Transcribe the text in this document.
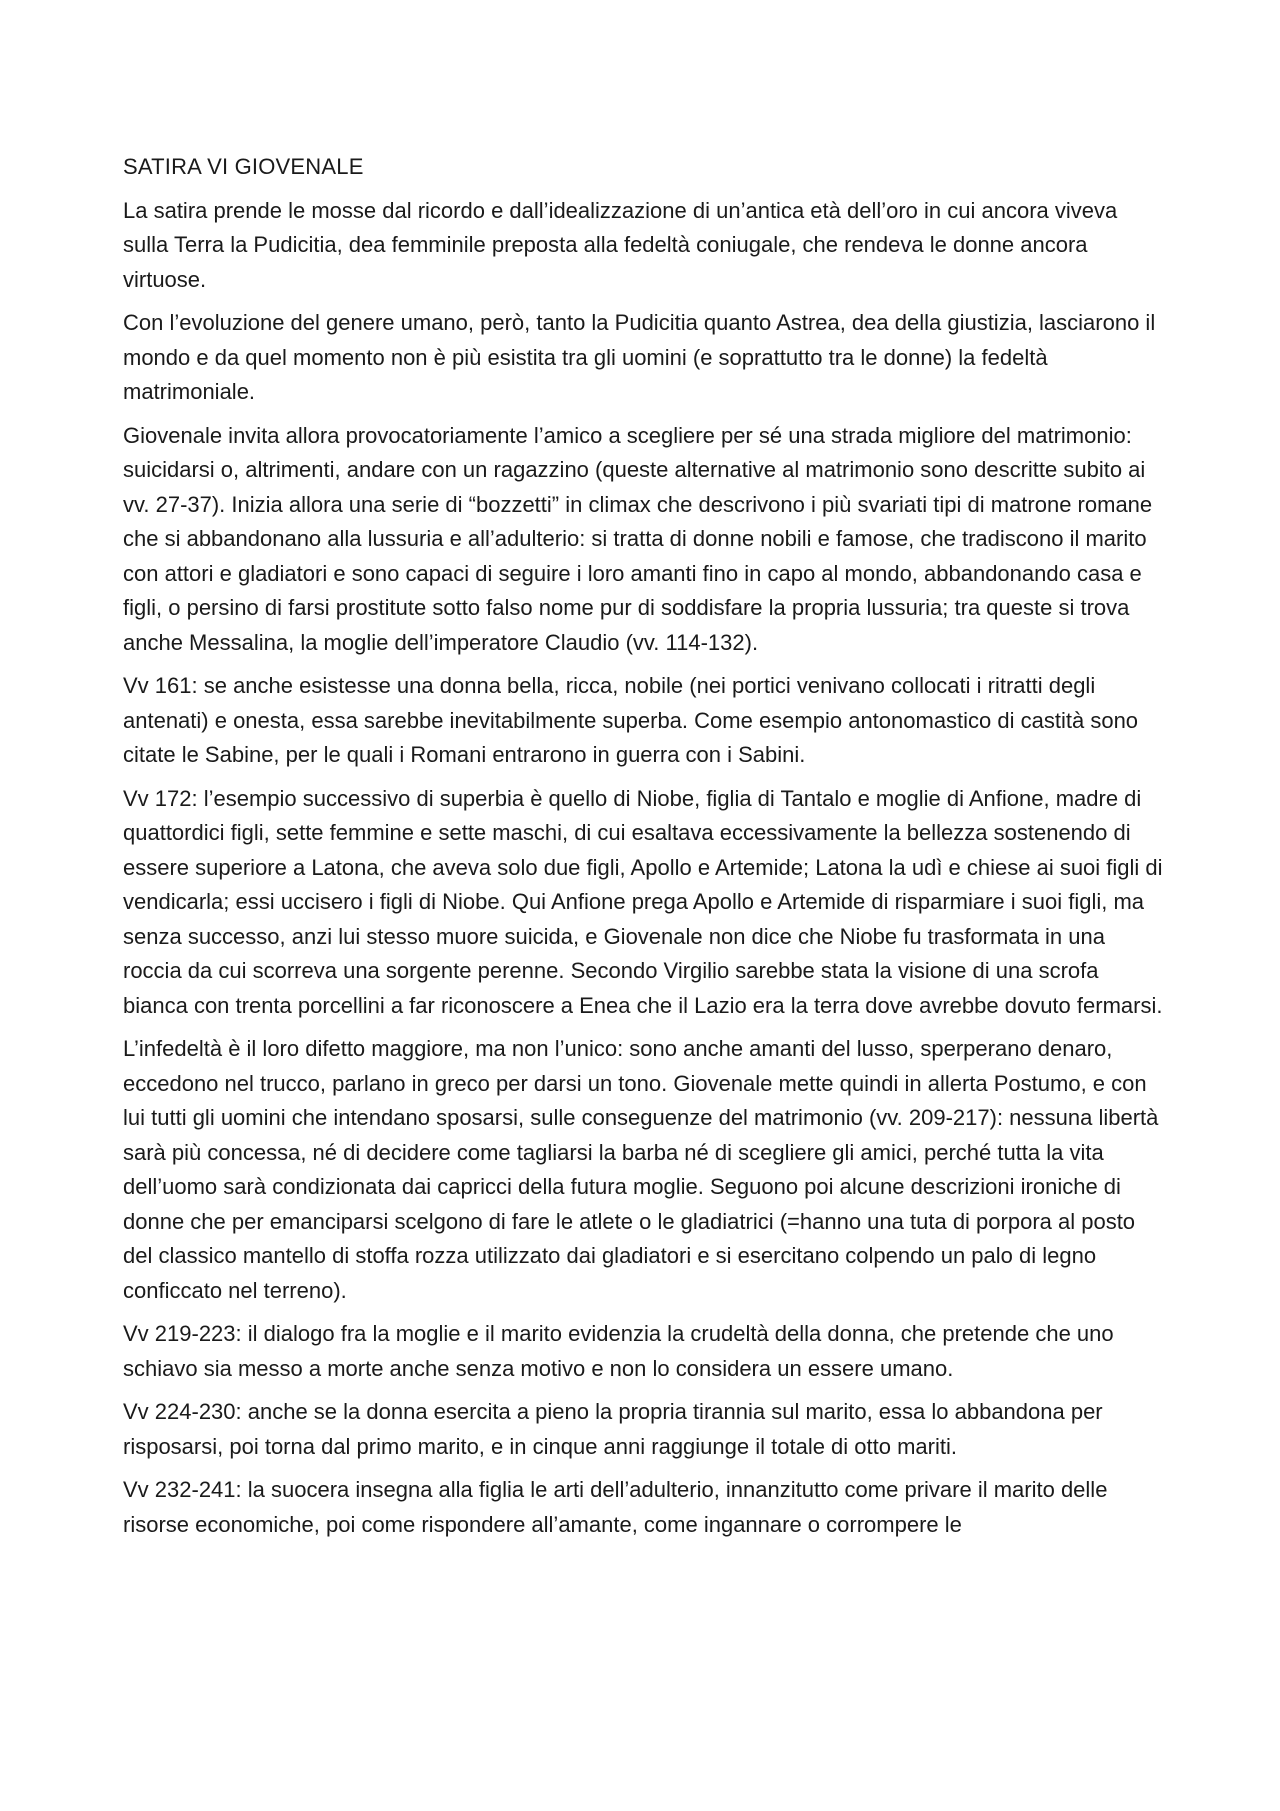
SATIRA VI GIOVENALE

La satira prende le mosse dal ricordo e dall’idealizzazione di un’antica età dell’oro in cui ancora viveva sulla Terra la Pudicitia, dea femminile preposta alla fedeltà coniugale, che rendeva le donne ancora virtuose.

Con l’evoluzione del genere umano, però, tanto la Pudicitia quanto Astrea, dea della giustizia, lasciarono il mondo e da quel momento non è più esistita tra gli uomini (e soprattutto tra le donne) la fedeltà matrimoniale.

Giovenale invita allora provocatoriamente l’amico a scegliere per sé una strada migliore del matrimonio: suicidarsi o, altrimenti, andare con un ragazzino (queste alternative al matrimonio sono descritte subito ai vv. 27-37). Inizia allora una serie di “bozzetti” in climax che descrivono i più svariati tipi di matrone romane che si abbandonano alla lussuria e all’adulterio: si tratta di donne nobili e famose, che tradiscono il marito con attori e gladiatori e sono capaci di seguire i loro amanti fino in capo al mondo, abbandonando casa e figli, o persino di farsi prostitute sotto falso nome pur di soddisfare la propria lussuria; tra queste si trova anche Messalina, la moglie dell’imperatore Claudio (vv. 114-132).

Vv 161: se anche esistesse una donna bella, ricca, nobile (nei portici venivano collocati i ritratti degli antenati) e onesta, essa sarebbe inevitabilmente superba. Come esempio antonomastico di castità sono citate le Sabine, per le quali i Romani entrarono in guerra con i Sabini.

Vv 172: l’esempio successivo di superbia è quello di Niobe, figlia di Tantalo e moglie di Anfione, madre di quattordici figli, sette femmine e sette maschi, di cui esaltava eccessivamente la bellezza sostenendo di essere superiore a Latona, che aveva solo due figli, Apollo e Artemide; Latona la udì e chiese ai suoi figli di vendicarla; essi uccisero i figli di Niobe. Qui Anfione prega Apollo e Artemide di risparmiare i suoi figli, ma senza successo, anzi lui stesso muore suicida, e Giovenale non dice che Niobe fu trasformata in una roccia da cui scorreva una sorgente perenne. Secondo Virgilio sarebbe stata la visione di una scrofa bianca con trenta porcellini a far riconoscere a Enea che il Lazio era la terra dove avrebbe dovuto fermarsi.

L’infedeltà è il loro difetto maggiore, ma non l’unico: sono anche amanti del lusso, sperperano denaro, eccedono nel trucco, parlano in greco per darsi un tono. Giovenale mette quindi in allerta Postumo, e con lui tutti gli uomini che intendano sposarsi, sulle conseguenze del matrimonio (vv. 209-217): nessuna libertà sarà più concessa, né di decidere come tagliarsi la barba né di scegliere gli amici, perché tutta la vita dell’uomo sarà condizionata dai capricci della futura moglie. Seguono poi alcune descrizioni ironiche di donne che per emanciparsi scelgono di fare le atlete o le gladiatrici (=hanno una tuta di porpora al posto del classico mantello di stoffa rozza utilizzato dai gladiatori e si esercitano colpendo un palo di legno conficcato nel terreno).

Vv 219-223: il dialogo fra la moglie e il marito evidenzia la crudeltà della donna, che pretende che uno schiavo sia messo a morte anche senza motivo e non lo considera un essere umano.

Vv 224-230: anche se la donna esercita a pieno la propria tirannia sul marito, essa lo abbandona per risposarsi, poi torna dal primo marito, e in cinque anni raggiunge il totale di otto mariti.

Vv 232-241: la suocera insegna alla figlia le arti dell’adulterio, innanzitutto come privare il marito delle risorse economiche, poi come rispondere all’amante, come ingannare o corrompere le
